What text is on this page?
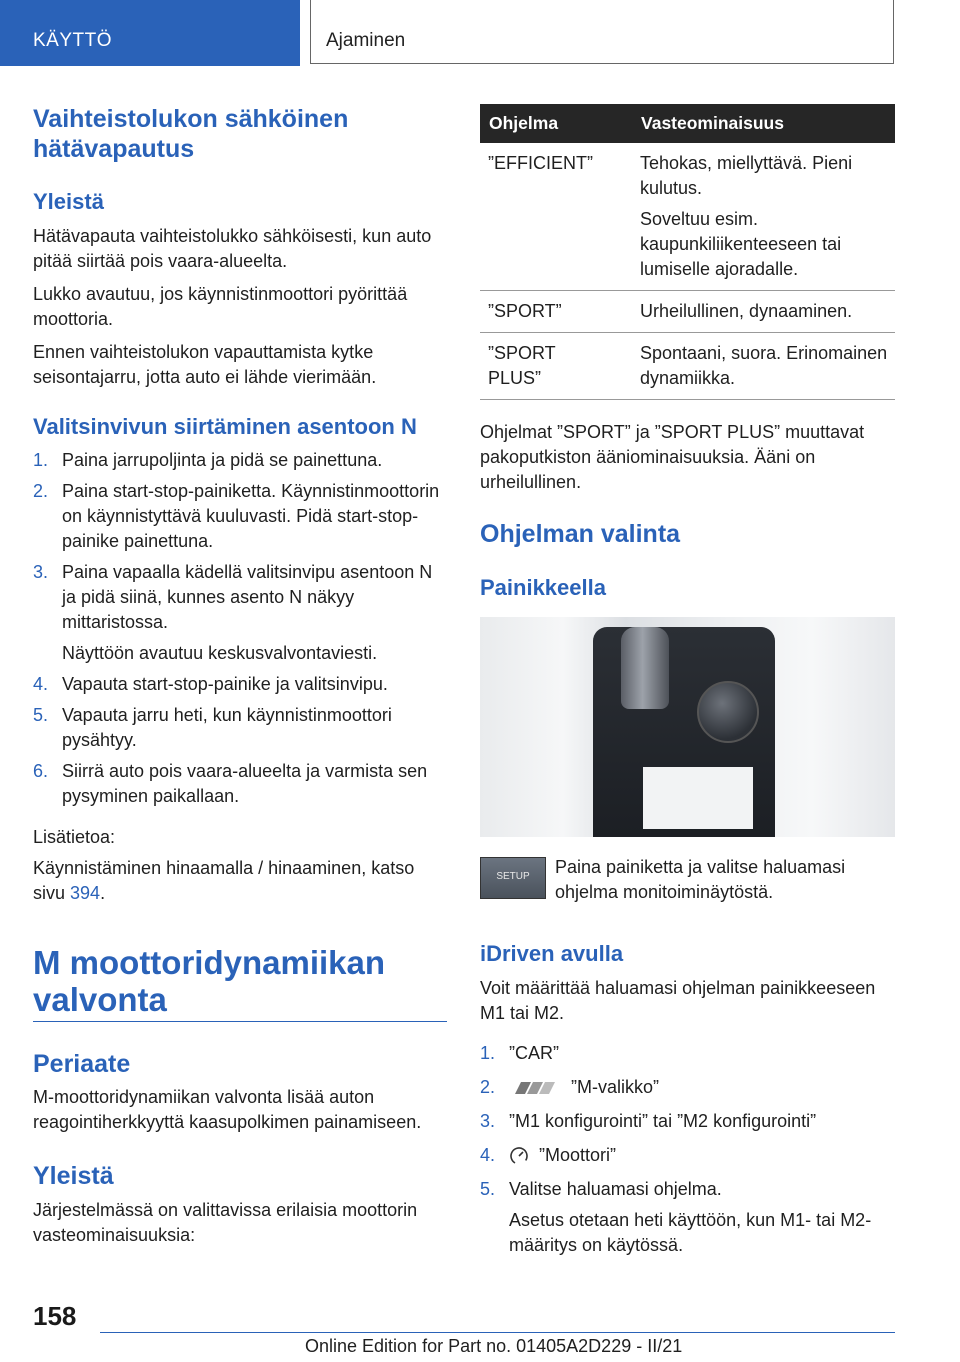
KÄYTTÖ	Ajaminen
Vaihteistolukon sähköinen hätävapautus
Yleistä
Hätävapauta vaihteistolukko sähköisesti, kun auto pitää siirtää pois vaara-alueelta.
Lukko avautuu, jos käynnistinmoottori pyörittää moottoria.
Ennen vaihteistolukon vapauttamista kytke seisontajarru, jotta auto ei lähde vierimään.
Valitsinvivun siirtäminen asentoon N
1. Paina jarrupoljinta ja pidä se painettuna.
2. Paina start-stop-painiketta. Käynnistinmoottorin on käynnistyttävä kuuluvasti. Pidä start-stop-painike painettuna.
3. Paina vapaalla kädellä valitsinvipu asentoon N ja pidä siinä, kunnes asento N näkyy mittaristossa.
Näyttöön avautuu keskusvalvontaviesti.
4. Vapauta start-stop-painike ja valitsinvipu.
5. Vapauta jarru heti, kun käynnistinmoottori pysähtyy.
6. Siirrä auto pois vaara-alueelta ja varmista sen pysyminen paikallaan.
Lisätietoa:
Käynnistäminen hinaamalla / hinaaminen, katso sivu 394.
M moottoridynamiikan valvonta
Periaate
M-moottoridynamiikan valvonta lisää auton reagointiherkkyyttä kaasupolkimen painamiseen.
Yleistä
Järjestelmässä on valittavissa erilaisia moottorin vasteominaisuuksia:
Ohjelma	Vasteominaisuus
”EFFICIENT”	Tehokas, miellyttävä. Pieni kulutus.
Soveltuu esim. kaupunkiliikenteeseen tai lumiselle ajoradalle.

”SPORT”	Urheilullinen, dynaaminen.
”SPORT PLUS”	Spontaani, suora. Erinomainen dynamiikka.
Ohjelmat ”SPORT” ja ”SPORT PLUS” muuttavat pakoputkiston ääniominaisuuksia. Ääni on urheilullinen.
Ohjelman valinta
Painikkeella
SETUP	Paina painiketta ja valitse haluamasi ohjelma monitoiminäytöstä.
iDriven avulla
Voit määrittää haluamasi ohjelman painikkeeseen M1 tai M2.
1. ”CAR”
2.	”M-valikko”
3. ”M1 konfigurointi” tai ”M2 konfigurointi”
4. ”Moottori”
5. Valitse haluamasi ohjelma.
Asetus otetaan heti käyttöön, kun M1- tai M2-määritys on käytössä.
158
Online Edition for Part no. 01405A2D229 - II/21
